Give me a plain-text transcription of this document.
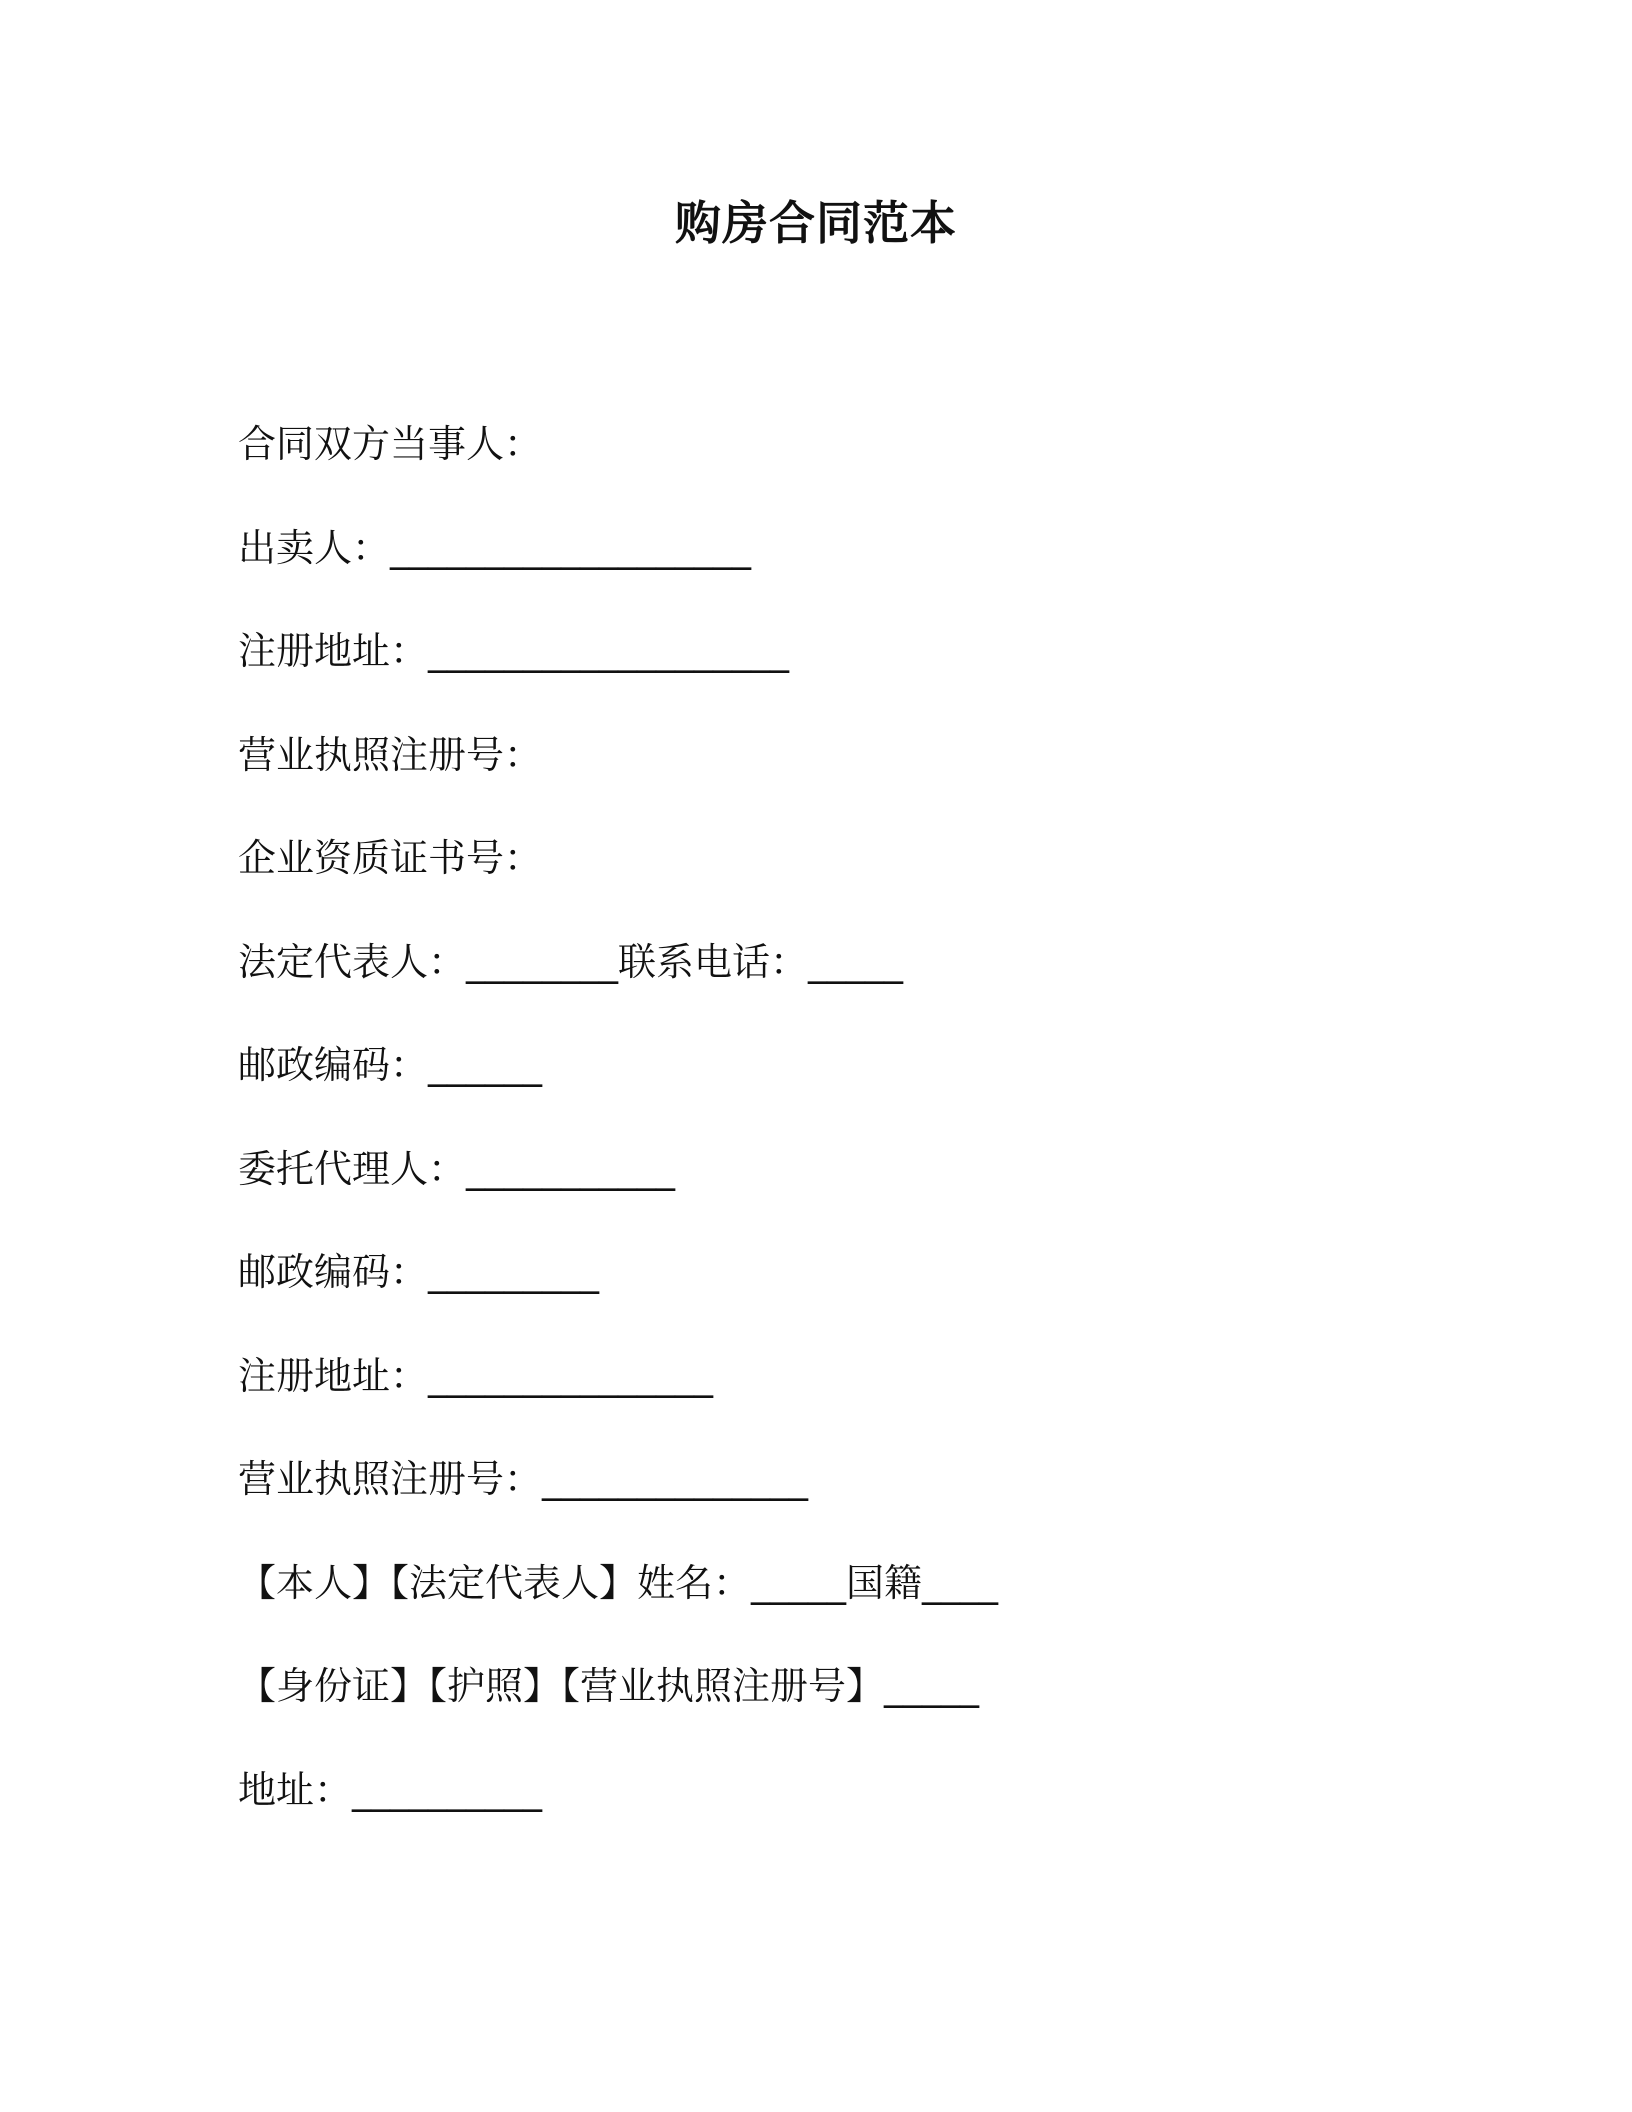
购房合同范本
合同双方当事人：
出卖人：___________________
注册地址：___________________
营业执照注册号：
企业资质证书号：
法定代表人：________联系电话：_____
邮政编码：______
委托代理人：___________
邮政编码：_________
注册地址：_______________
营业执照注册号：______________
【本人】【法定代表人】姓名：_____国籍____
【身份证】【护照】【营业执照注册号】_____
地址：__________
